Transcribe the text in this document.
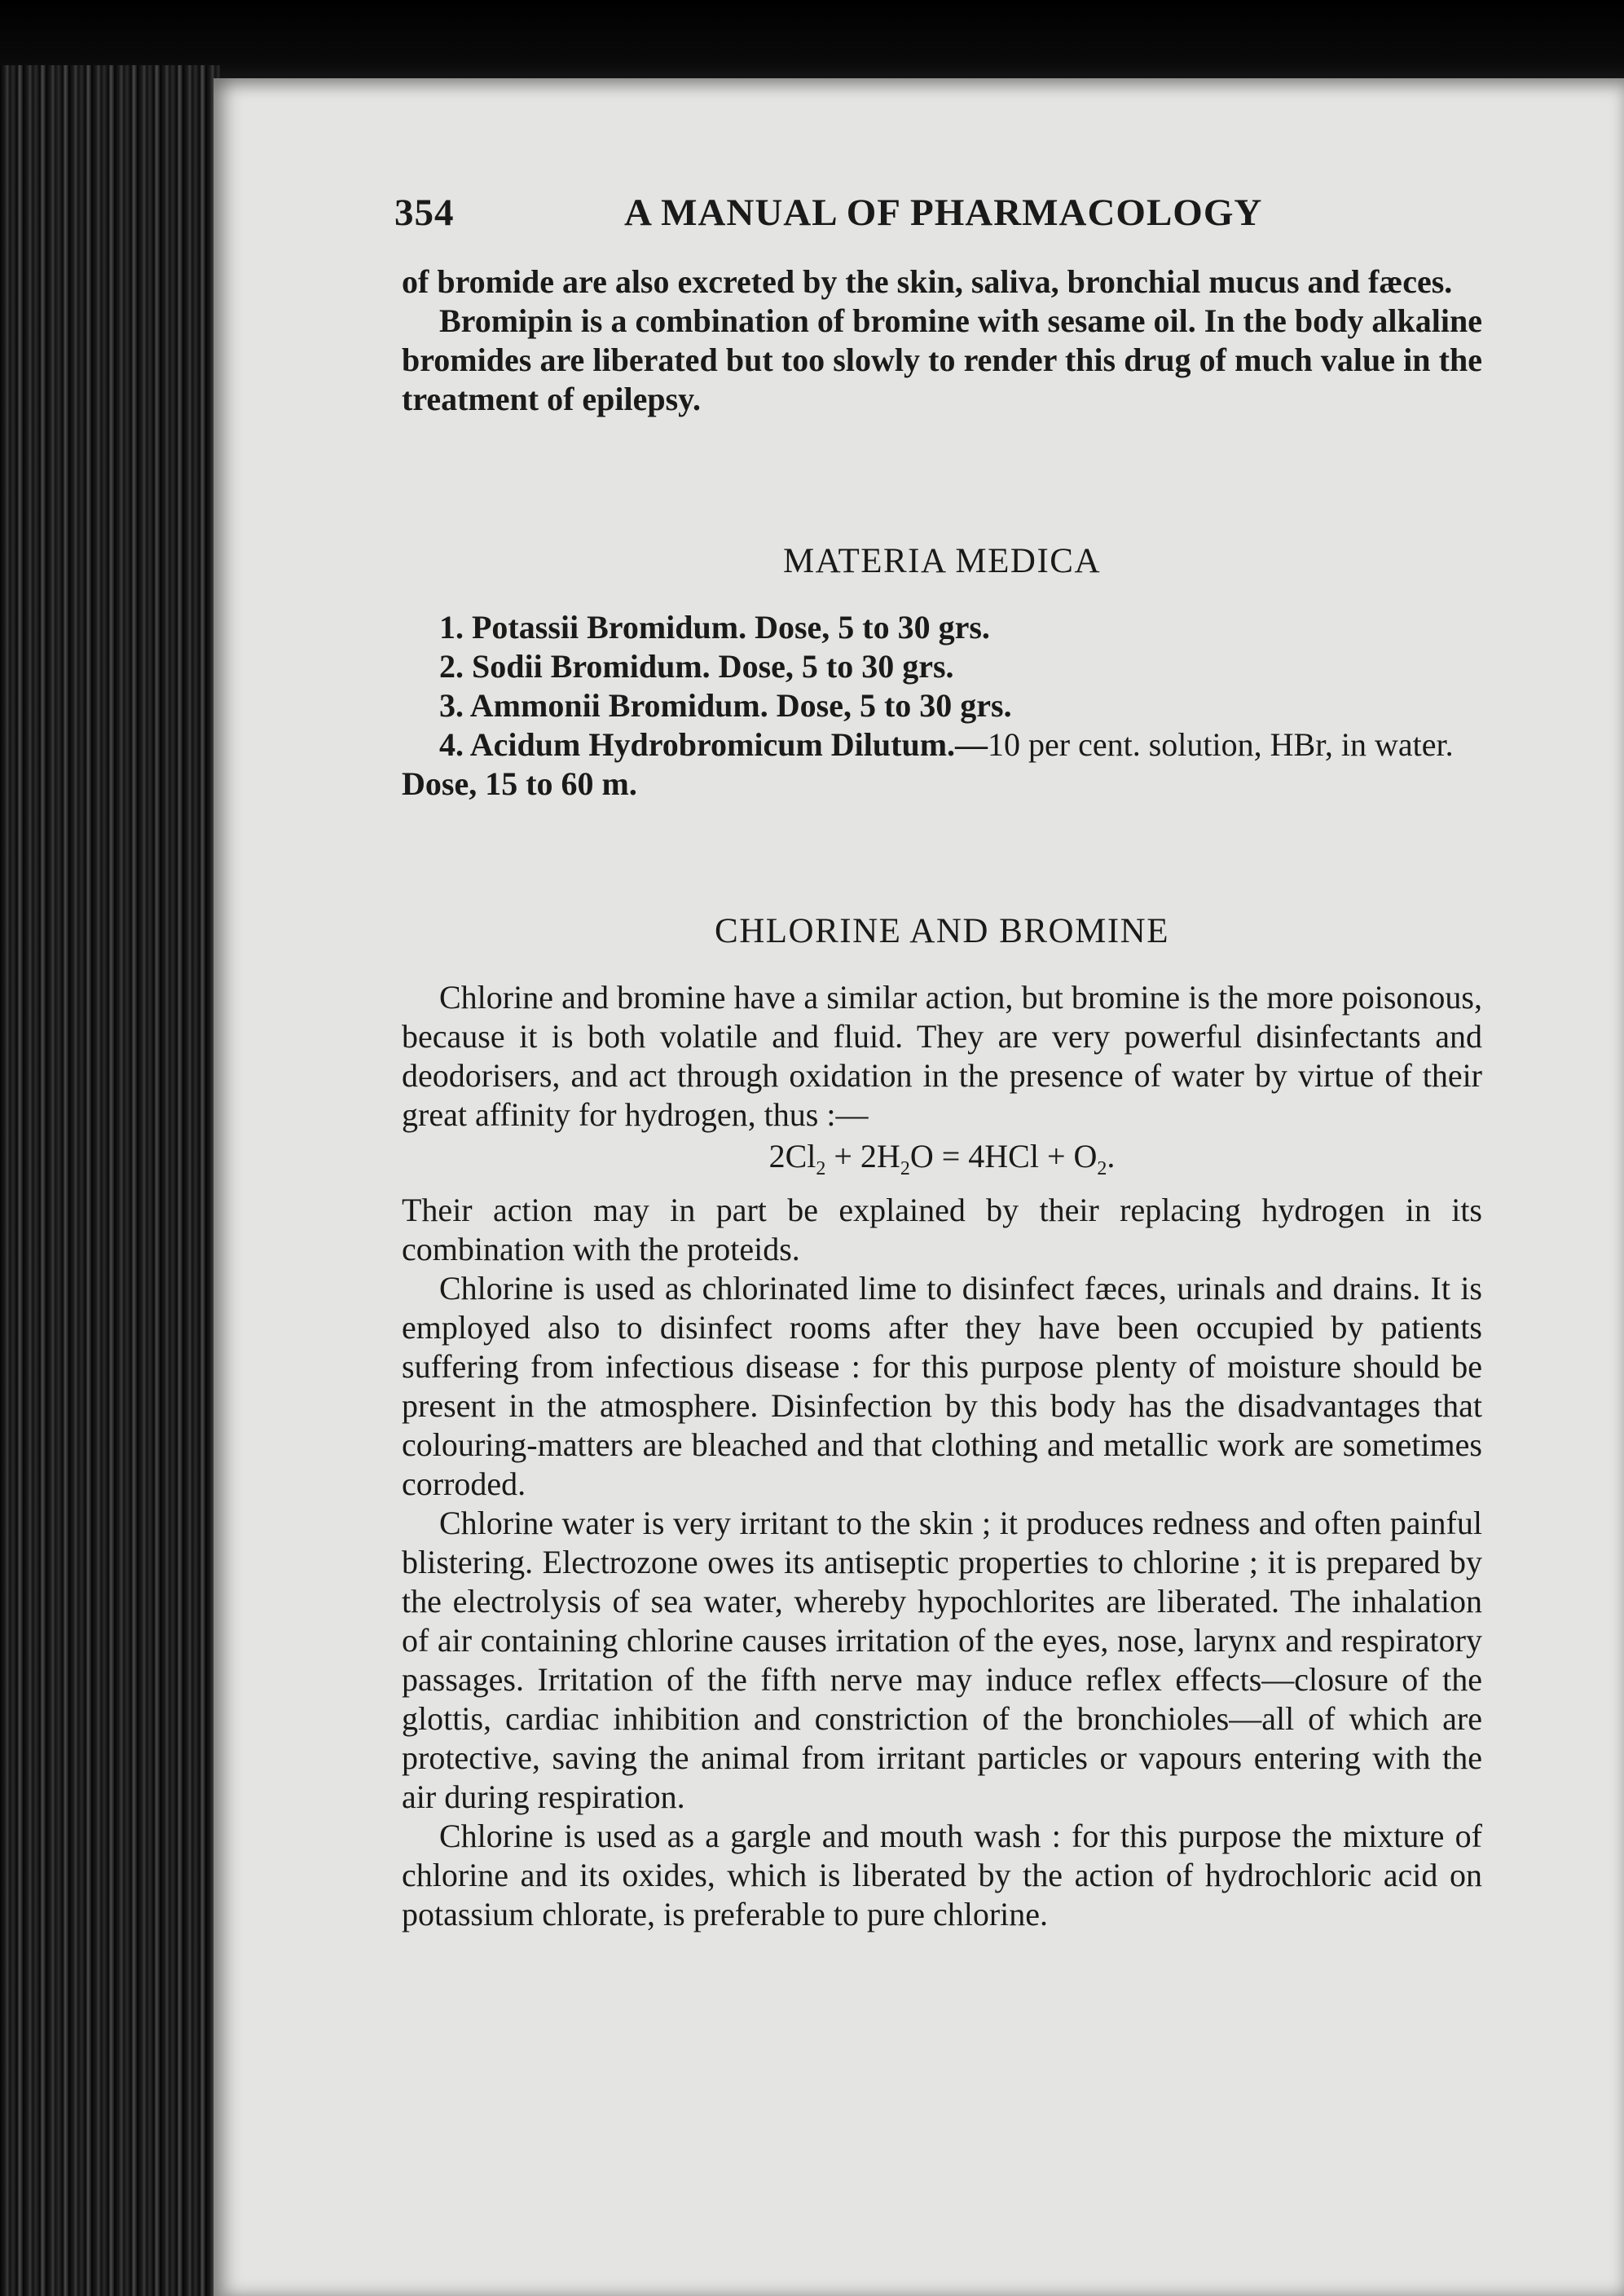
354	A MANUAL OF PHARMACOLOGY

of bromide are also excreted by the skin, saliva, bronchial mucus and fæces.

Bromipin is a combination of bromine with sesame oil. In the body alkaline bromides are liberated but too slowly to render this drug of much value in the treatment of epilepsy.

MATERIA MEDICA
1. Potassii Bromidum. Dose, 5 to 30 grs.
2. Sodii Bromidum. Dose, 5 to 30 grs.
3. Ammonii Bromidum. Dose, 5 to 30 grs.
4. Acidum Hydrobromicum Dilutum.—10 per cent. solution, HBr, in water. Dose, 15 to 60 m.
CHLORINE AND BROMINE

Chlorine and bromine have a similar action, but bromine is the more poisonous, because it is both volatile and fluid. They are very powerful disinfectants and deodorisers, and act through oxidation in the presence of water by virtue of their great affinity for hydrogen, thus :—

$2Cl_2 + 2H_2O = 4HCl + O_2$.

Their action may in part be explained by their replacing hydrogen in its combination with the proteids.

Chlorine is used as chlorinated lime to disinfect fæces, urinals and drains. It is employed also to disinfect rooms after they have been occupied by patients suffering from infectious disease : for this purpose plenty of moisture should be present in the atmosphere. Disinfection by this body has the disadvantages that colouring-matters are bleached and that clothing and metallic work are sometimes corroded.

Chlorine water is very irritant to the skin ; it produces redness and often painful blistering. Electrozone owes its antiseptic properties to chlorine ; it is prepared by the electrolysis of sea water, whereby hypochlorites are liberated. The inhalation of air containing chlorine causes irritation of the eyes, nose, larynx and respiratory passages. Irritation of the fifth nerve may induce reflex effects—closure of the glottis, cardiac inhibition and constriction of the bronchioles—all of which are protective, saving the animal from irritant particles or vapours entering with the air during respiration.

Chlorine is used as a gargle and mouth wash : for this purpose the mixture of chlorine and its oxides, which is liberated by the action of hydrochloric acid on potassium chlorate, is preferable to pure chlorine.
